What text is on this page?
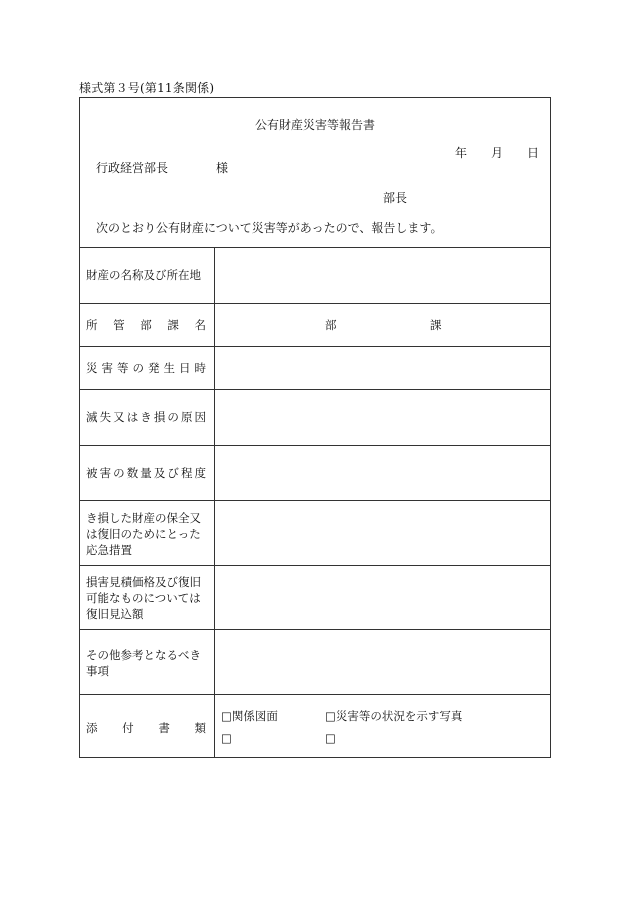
様式第３号(第11条関係)
公有財産災害等報告書
年 月 日
行政経営部長	様
部長
次のとおり公有財産について災害等があったので、報告します。
財産の名称及び所在地
所 管 部 課 名	部	課
災 害 等 の 発 生 日 時
滅 失 又 は き 損 の 原 因
被 害 の 数 量 及 び 程 度
き損した財産の保全又
は復旧のためにとった
応急措置
損害見積価格及び復旧
可能なものについては
復旧見込額
その他参考となるべき
事項
添 付 書 類
□関係図面	□災害等の状況を示す写真
□	□
